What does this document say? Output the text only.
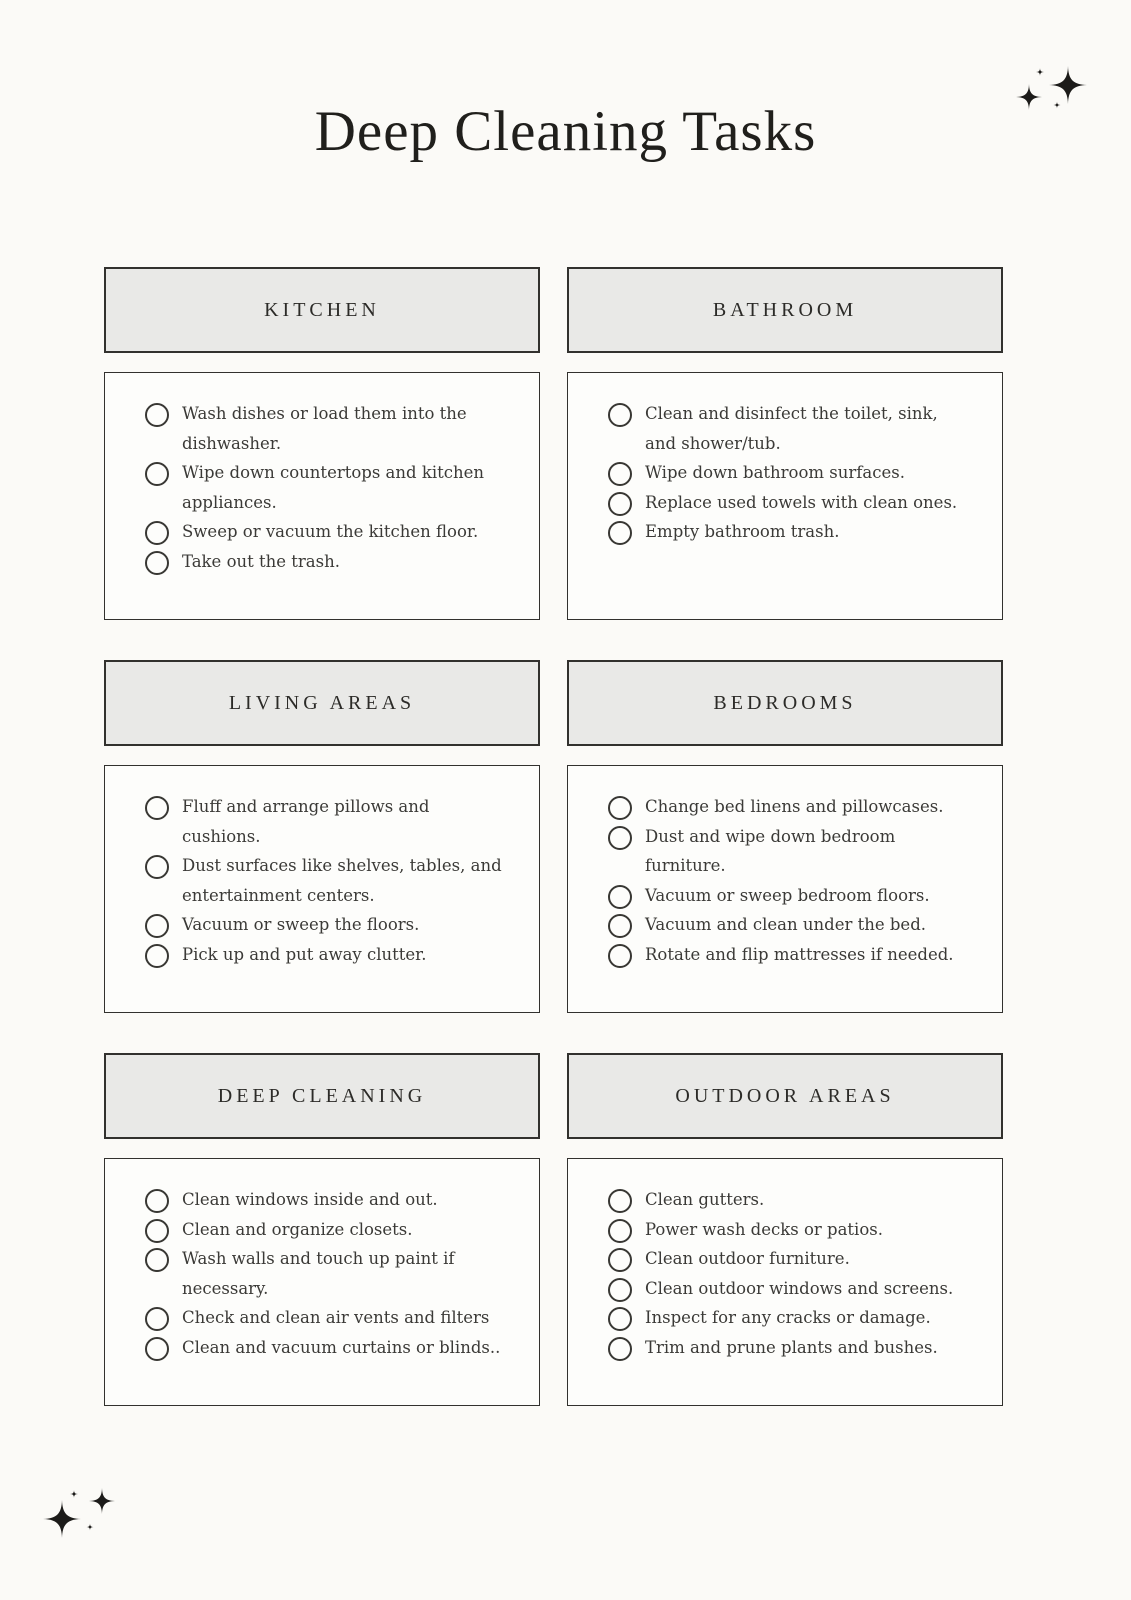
Deep Cleaning Tasks
KITCHEN
Wash dishes or load them into the
dishwasher.
Wipe down countertops and kitchen
appliances.
Sweep or vacuum the kitchen floor.
Take out the trash.
BATHROOM
Clean and disinfect the toilet, sink,
and shower/tub.
Wipe down bathroom surfaces.
Replace used towels with clean ones.
Empty bathroom trash.
LIVING AREAS
Fluff and arrange pillows and
cushions.
Dust surfaces like shelves, tables, and
entertainment centers.
Vacuum or sweep the floors.
Pick up and put away clutter.
BEDROOMS
Change bed linens and pillowcases.
Dust and wipe down bedroom
furniture.
Vacuum or sweep bedroom floors.
Vacuum and clean under the bed.
Rotate and flip mattresses if needed.
DEEP CLEANING
Clean windows inside and out.
Clean and organize closets.
Wash walls and touch up paint if
necessary.
Check and clean air vents and filters
Clean and vacuum curtains or blinds..
OUTDOOR AREAS
Clean gutters.
Power wash decks or patios.
Clean outdoor furniture.
Clean outdoor windows and screens.
Inspect for any cracks or damage.
Trim and prune plants and bushes.
